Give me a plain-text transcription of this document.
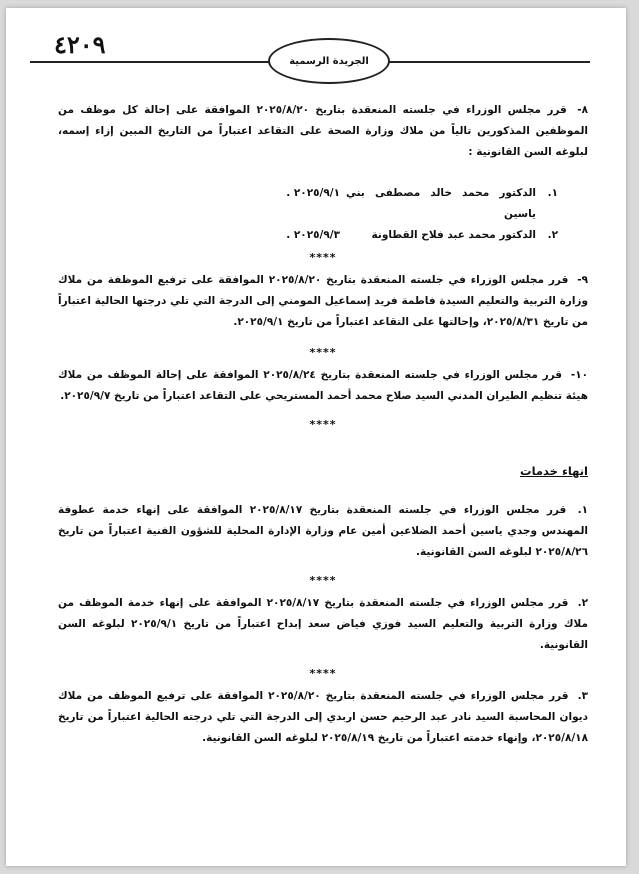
٤٢٠٩
الجريدة الرسمية

٨- قرر مجلس الوزراء في جلسته المنعقدة بتاريخ ٢٠٢٥/٨/٢٠ الموافقة على إحالة كل موظف من الموظفين المذكورين تالياً من ملاك وزارة الصحة على التقاعد اعتباراً من التاريخ المبين إزاء إسمه، لبلوغه السن القانونية :

١.
الدكتور محمد خالد مصطفى بني ياسين
٢٠٢٥/٩/١ .
٢.
الدكتور محمد عبد فلاح القطاونة
٢٠٢٥/٩/٣ .
****

٩- قرر مجلس الوزراء في جلسته المنعقدة بتاريخ ٢٠٢٥/٨/٢٠ الموافقة على ترفيع الموظفة من ملاك وزارة التربية والتعليم السيدة فاطمة فريد إسماعيل المومني إلى الدرجة التي تلي درجتها الحالية اعتباراً من تاريخ ٢٠٢٥/٨/٣١، وإحالتها على التقاعد اعتباراً من تاريخ ٢٠٢٥/٩/١.

****

١٠- قرر مجلس الوزراء في جلسته المنعقدة بتاريخ ٢٠٢٥/٨/٢٤ الموافقة على إحالة الموظف من ملاك هيئة تنظيم الطيران المدني السيد صلاح محمد أحمد المستريحي على التقاعد اعتباراً من تاريخ ٢٠٢٥/٩/٧.

****
انهاء خدمات

١. قرر مجلس الوزراء في جلسته المنعقدة بتاريخ ٢٠٢٥/٨/١٧ الموافقة على إنهاء خدمة عطوفة المهندس وجدي ياسين أحمد الضلاعين أمين عام وزارة الإدارة المحلية للشؤون الفنية اعتباراً من تاريخ ٢٠٢٥/٨/٢٦ لبلوغه السن القانونية.

****

٢. قرر مجلس الوزراء في جلسته المنعقدة بتاريخ ٢٠٢٥/٨/١٧ الموافقة على إنهاء خدمة الموظف من ملاك وزارة التربية والتعليم السيد فوزي فياض سعد إبداح اعتباراً من تاريخ ٢٠٢٥/٩/١ لبلوغه السن القانونية.

****

٣. قرر مجلس الوزراء في جلسته المنعقدة بتاريخ ٢٠٢٥/٨/٢٠ الموافقة على ترفيع الموظف من ملاك ديوان المحاسبة السيد نادر عبد الرحيم حسن اربدي إلى الدرجة التي تلي درجته الحالية اعتباراً من تاريخ ٢٠٢٥/٨/١٨، وإنهاء خدمته اعتباراً من تاريخ ٢٠٢٥/٨/١٩ لبلوغه السن القانونية.
